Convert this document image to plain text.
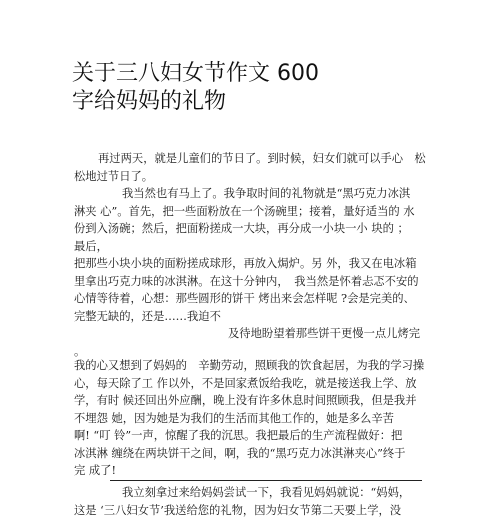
关于三八妇女节作文 600
字给妈妈的礼物
再过两天，就是儿童们的节日了。到时候，妇女们就可以手心　松
松地过节日了。
我当然也有马上了。我争取时间的礼物就是“黑巧克力冰淇
淋夹 心”。首先，把一些面粉放在一个汤碗里；接着，量好适当的 水
份到入汤碗；然后，把面粉搓成一大块，再分成一小块一小 块的 ；
最后，
把那些小块小块的面粉搓成球形，再放入焗炉。另 外，我又在电冰箱
里拿出巧克力味的冰淇淋。在这十分钟内，　我当然是怀着忐忑不安的
心情等待着，心想：那些圆形的饼干 烤出来会怎样呢 ?会是完美的、
完整无缺的，还是……我迫不
及待地盼望着那些饼干更慢一点儿烤完
。
我的心又想到了妈妈的　辛勤劳动，照顾我的饮食起居，为我的学习操
心，每天除了工 作以外，不是回家煮饭给我吃，就是接送我上学、放
学，有时 候还回出外应酬，晚上没有许多休息时间照顾我，但是我并
不埋怨 她，因为她是为我们的生活而其他工作的，她是多么辛苦
啊! “叮 铃”一声，惊醒了我的沉思。我把最后的生产流程做好：把
冰淇淋 缠绕在两块饼干之间，啊，我的“黑巧克力冰淇淋夹心”终于
完 成了!
我立刻拿过来给妈妈尝试一下，我看见妈妈就说：“妈妈，
这是 ‘三八妇女节’我送给您的礼物，因为妇女节第二天要上学，没
